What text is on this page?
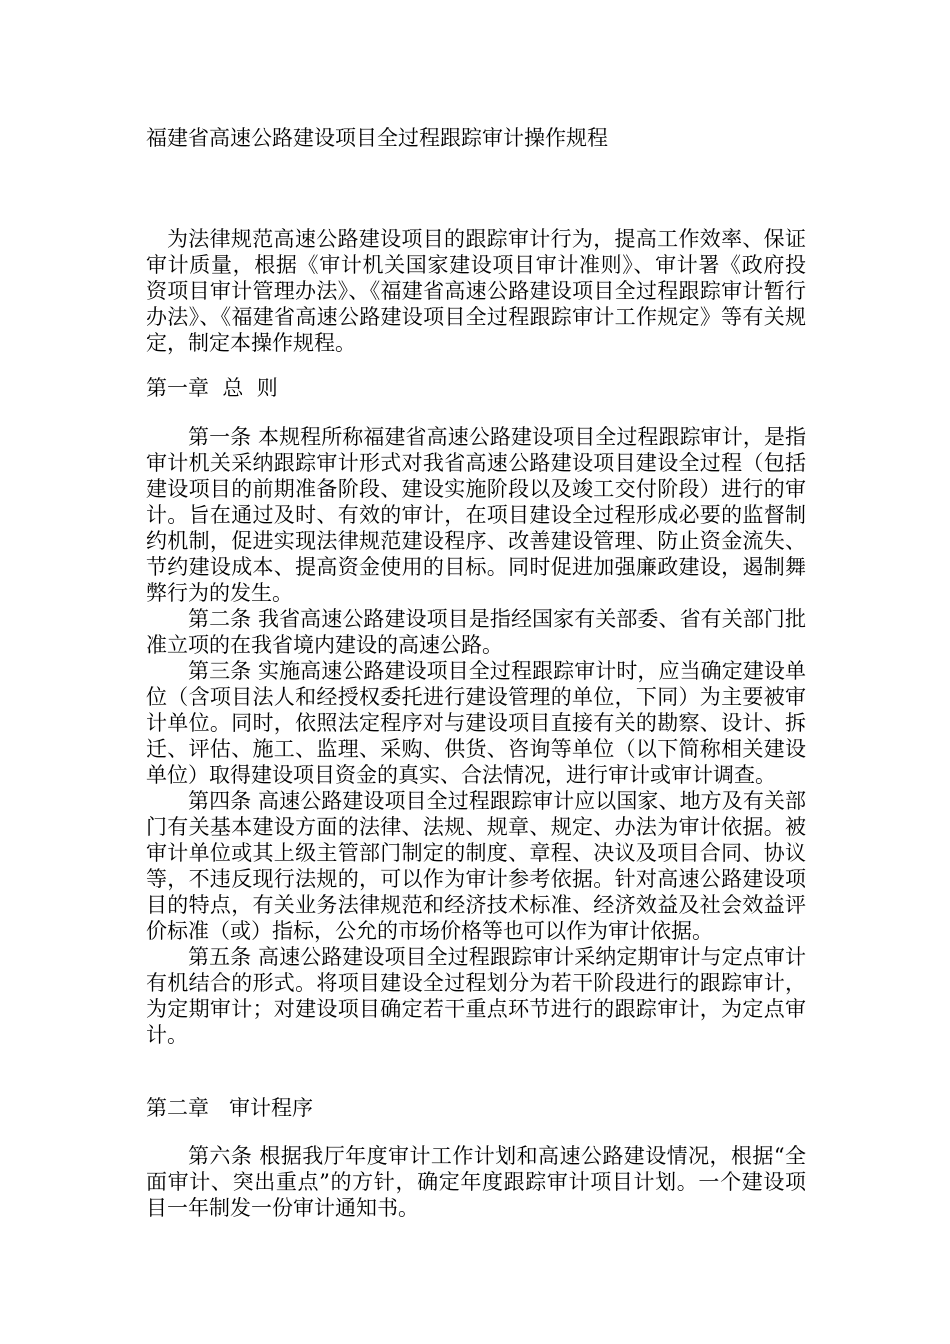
福建省高速公路建设项目全过程跟踪审计操作规程

为法律规范高速公路建设项目的跟踪审计行为，提高工作效率、保证审计质量，根据《审计机关国家建设项目审计准则》、审计署《政府投资项目审计管理办法》、《福建省高速公路建设项目全过程跟踪审计暂行办法》、《福建省高速公路建设项目全过程跟踪审计工作规定》等有关规定，制定本操作规程。

第一章  总  则

第一条 本规程所称福建省高速公路建设项目全过程跟踪审计，是指审计机关采纳跟踪审计形式对我省高速公路建设项目建设全过程（包括建设项目的前期准备阶段、建设实施阶段以及竣工交付阶段）进行的审计。旨在通过及时、有效的审计，在项目建设全过程形成必要的监督制约机制，促进实现法律规范建设程序、改善建设管理、防止资金流失、节约建设成本、提高资金使用的目标。同时促进加强廉政建设，遏制舞弊行为的发生。

第二条 我省高速公路建设项目是指经国家有关部委、省有关部门批准立项的在我省境内建设的高速公路。

第三条 实施高速公路建设项目全过程跟踪审计时，应当确定建设单位（含项目法人和经授权委托进行建设管理的单位，下同）为主要被审计单位。同时，依照法定程序对与建设项目直接有关的勘察、设计、拆迁、评估、施工、监理、采购、供货、咨询等单位（以下简称相关建设单位）取得建设项目资金的真实、合法情况，进行审计或审计调查。

第四条 高速公路建设项目全过程跟踪审计应以国家、地方及有关部门有关基本建设方面的法律、法规、规章、规定、办法为审计依据。被审计单位或其上级主管部门制定的制度、章程、决议及项目合同、协议等，不违反现行法规的，可以作为审计参考依据。针对高速公路建设项目的特点，有关业务法律规范和经济技术标准、经济效益及社会效益评价标准（或）指标，公允的市场价格等也可以作为审计依据。

第五条 高速公路建设项目全过程跟踪审计采纳定期审计与定点审计有机结合的形式。将项目建设全过程划分为若干阶段进行的跟踪审计，为定期审计；对建设项目确定若干重点环节进行的跟踪审计，为定点审计。

第二章   审计程序

第六条 根据我厅年度审计工作计划和高速公路建设情况，根据“全面审计、突出重点”的方针，确定年度跟踪审计项目计划。一个建设项目一年制发一份审计通知书。
